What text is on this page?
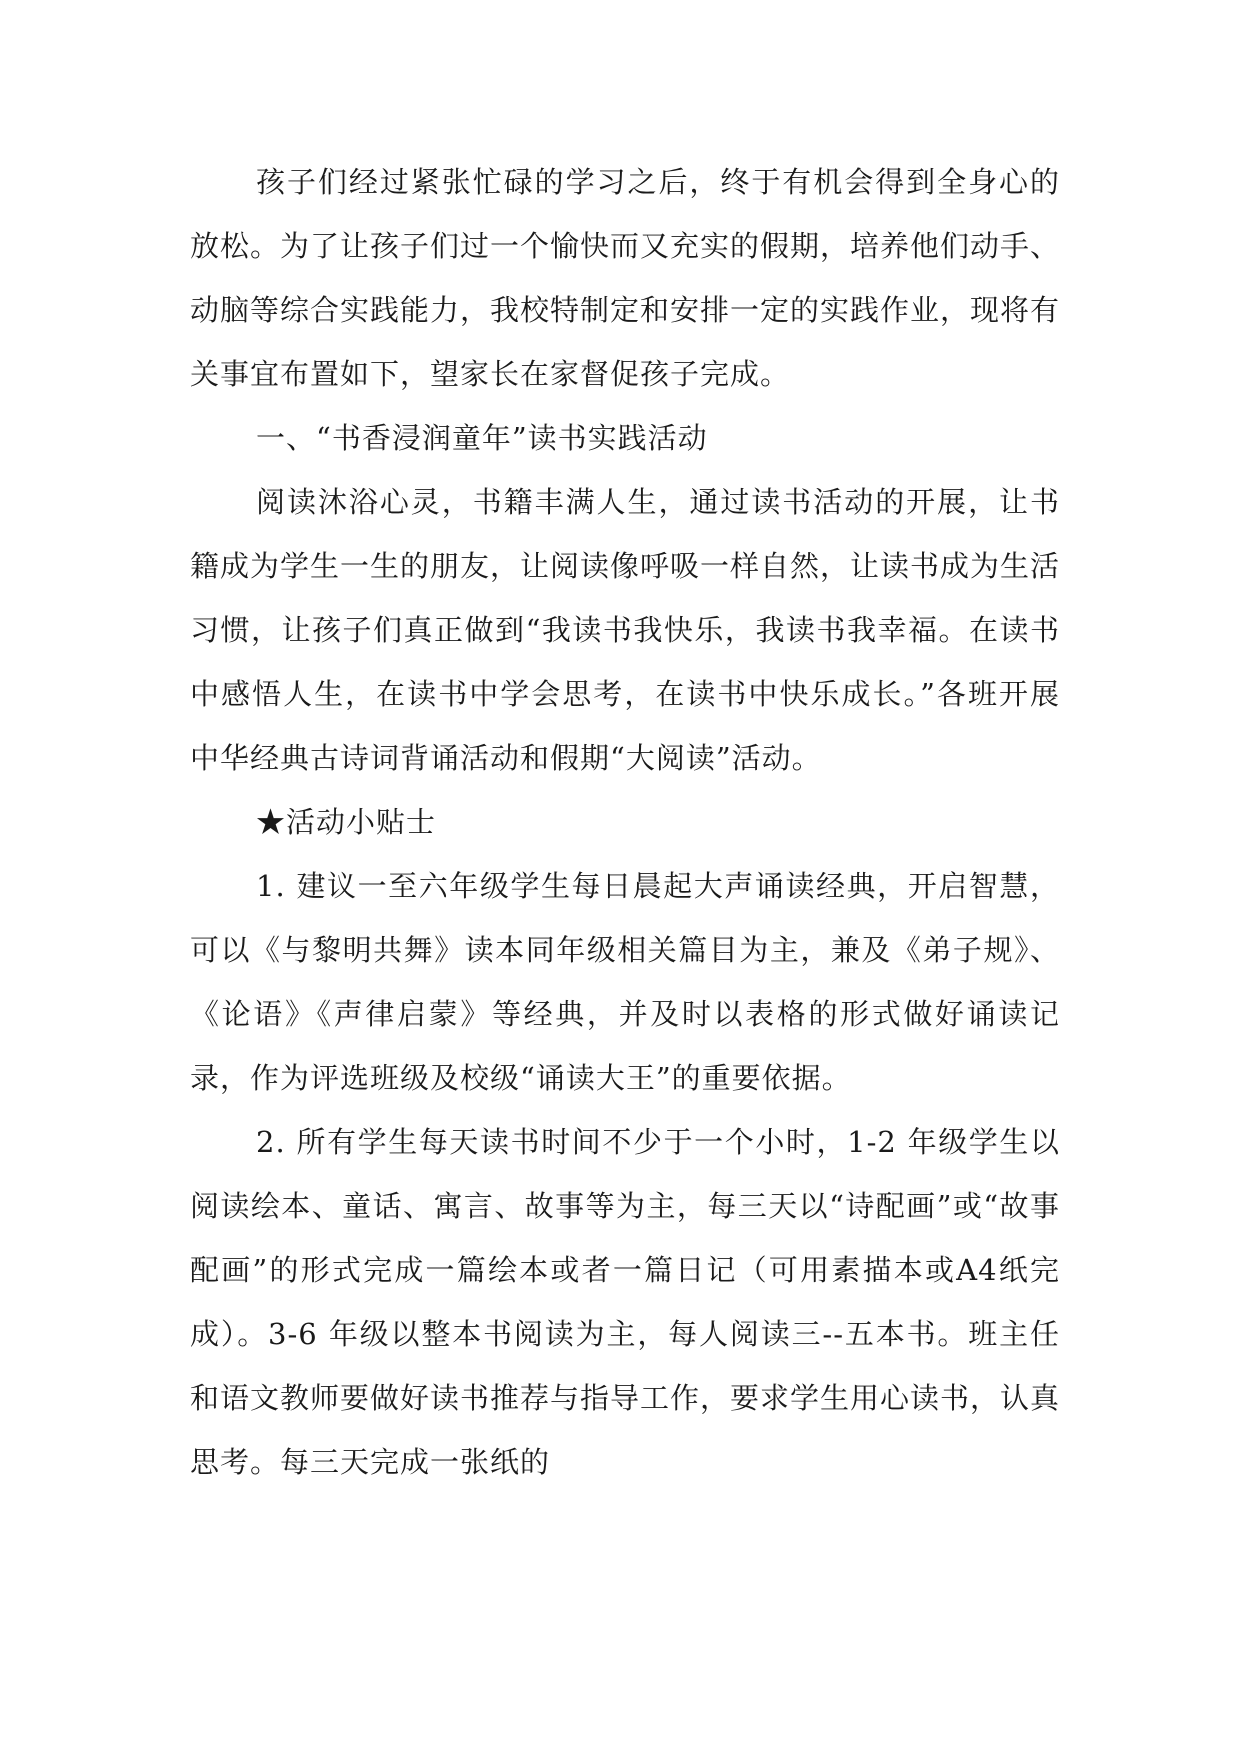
孩子们经过紧张忙碌的学习之后，终于有机会得到全身心的放松。为了让孩子们过一个愉快而又充实的假期，培养他们动手、动脑等综合实践能力，我校特制定和安排一定的实践作业，现将有关事宜布置如下，望家长在家督促孩子完成。

一、“书香浸润童年”读书实践活动

阅读沐浴心灵，书籍丰满人生，通过读书活动的开展，让书籍成为学生一生的朋友，让阅读像呼吸一样自然，让读书成为生活习惯，让孩子们真正做到“我读书我快乐，我读书我幸福。在读书中感悟人生，在读书中学会思考，在读书中快乐成长。”各班开展中华经典古诗词背诵活动和假期“大阅读”活动。

★活动小贴士

1. 建议一至六年级学生每日晨起大声诵读经典，开启智慧，可以《与黎明共舞》读本同年级相关篇目为主，兼及《弟子规》、《论语》《声律启蒙》等经典，并及时以表格的形式做好诵读记录，作为评选班级及校级“诵读大王”的重要依据。

2. 所有学生每天读书时间不少于一个小时，1-2 年级学生以阅读绘本、童话、寓言、故事等为主，每三天以“诗配画”或“故事配画”的形式完成一篇绘本或者一篇日记（可用素描本或A4纸完成）。3-6 年级以整本书阅读为主，每人阅读三--五本书。班主任和语文教师要做好读书推荐与指导工作，要求学生用心读书，认真思考。每三天完成一张纸的
